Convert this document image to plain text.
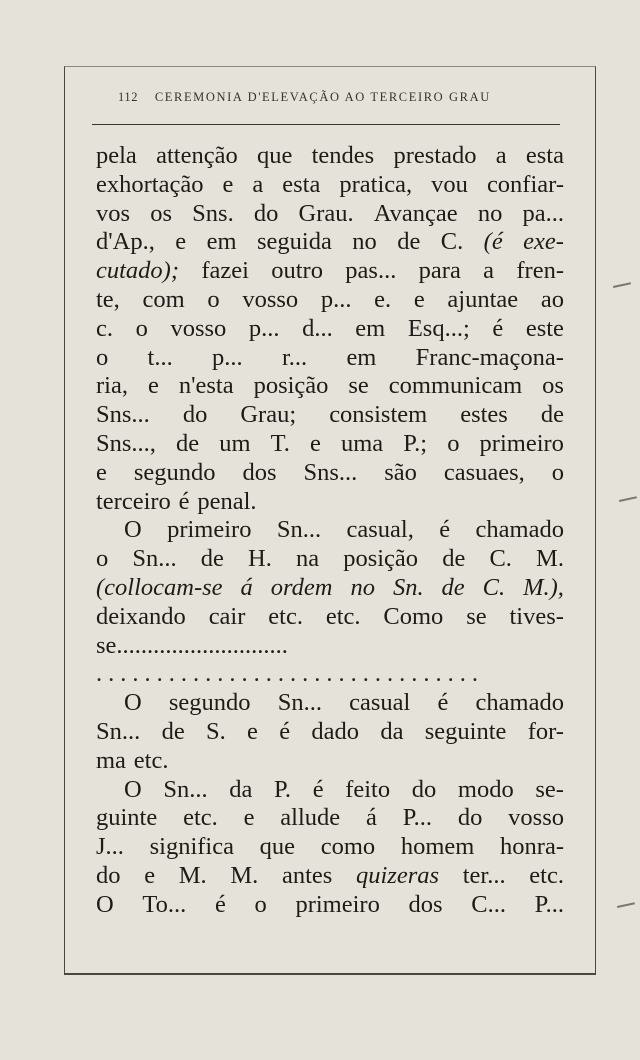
112 CEREMONIA D'ELEVAÇÃO AO TERCEIRO GRAU
pela attenção que tendes prestado a esta
exhortação e a esta pratica, vou confiar-
vos os Sns. do Grau. Avançae no pa...
d'Ap., e em seguida no de C. (é exe-
cutado); fazei outro pas... para a fren-
te, com o vosso p... e. e ajuntae ao
c. o vosso p... d... em Esq...; é este
o t... p... r... em Franc-maçona-
ria, e n'esta posição se communicam os
Sns... do Grau; consistem estes de
Sns..., de um T. e uma P.; o primeiro
e segundo dos Sns... são casuaes, o
terceiro é penal.
O primeiro Sn... casual, é chamado
o Sn... de H. na posição de C. M.
(collocam-se á ordem no Sn. de C. M.),
deixando cair etc. etc. Como se tives-
se............................
................................
O segundo Sn... casual é chamado
Sn... de S. e é dado da seguinte for-
ma etc.
O Sn... da P. é feito do modo se-
guinte etc. e allude á P... do vosso
J... significa que como homem honra-
do e M. M. antes quizeras ter... etc.
O To... é o primeiro dos C... P...
